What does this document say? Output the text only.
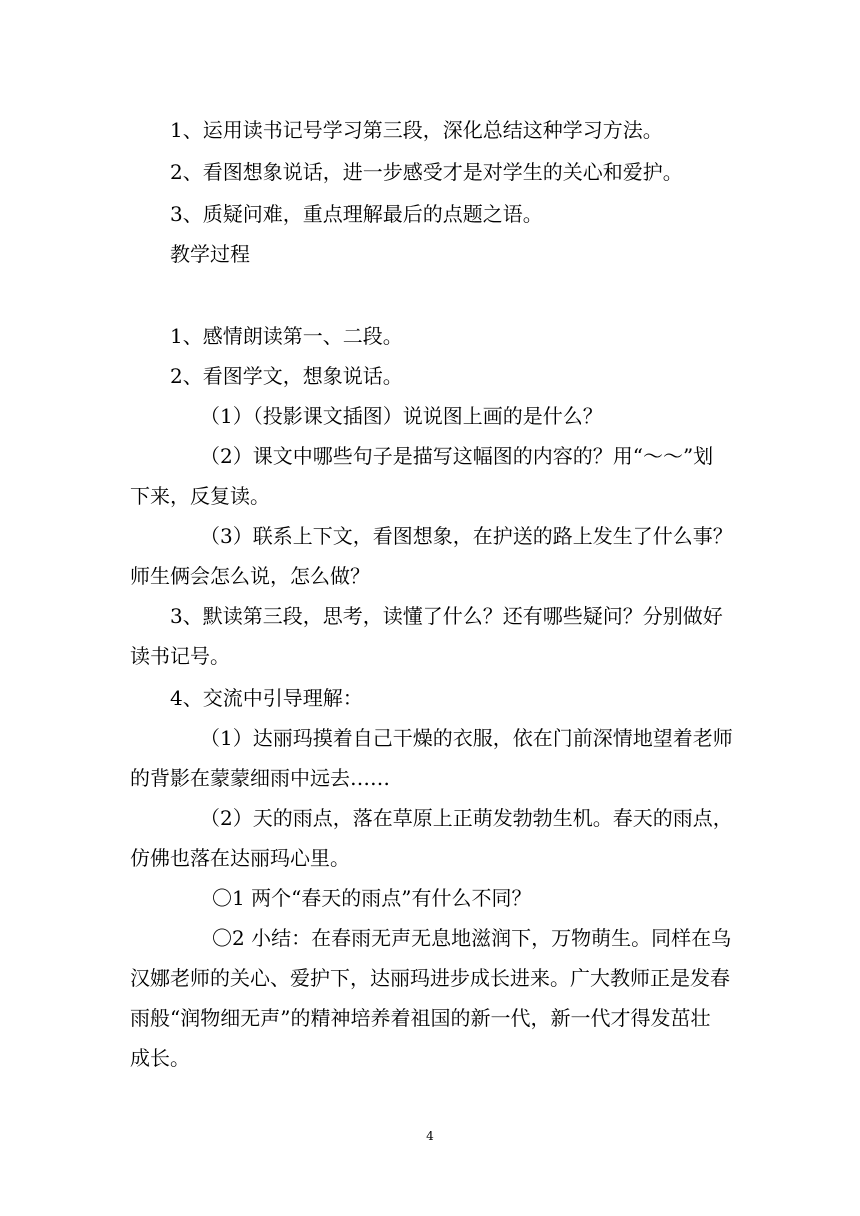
1、运用读书记号学习第三段，深化总结这种学习方法。
2、看图想象说话，进一步感受才是对学生的关心和爱护。
3、质疑问难，重点理解最后的点题之语。
教学过程
1、感情朗读第一、二段。
2、看图学文，想象说话。
（1）（投影课文插图）说说图上画的是什么？
（2）课文中哪些句子是描写这幅图的内容的？用“～～”划
下来，反复读。
（3）联系上下文，看图想象，在护送的路上发生了什么事？
师生俩会怎么说，怎么做？
3、默读第三段，思考，读懂了什么？还有哪些疑问？分别做好
读书记号。
4、交流中引导理解：
（1）达丽玛摸着自己干燥的衣服，依在门前深情地望着老师
的背影在蒙蒙细雨中远去……
（2）天的雨点，落在草原上正萌发勃勃生机。春天的雨点，
仿佛也落在达丽玛心里。
〇1 两个“春天的雨点”有什么不同？
〇2 小结：在春雨无声无息地滋润下，万物萌生。同样在乌
汉娜老师的关心、爱护下，达丽玛进步成长进来。广大教师正是发春
雨般“润物细无声”的精神培养着祖国的新一代，新一代才得发茁壮
成长。
4
